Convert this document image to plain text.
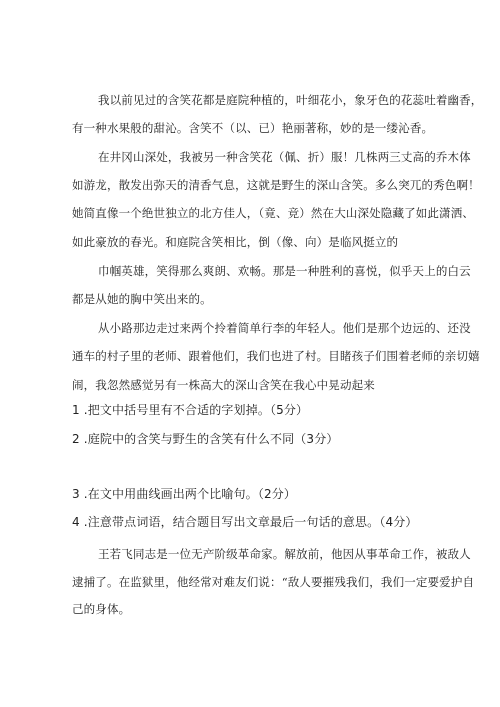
我以前见过的含笑花都是庭院种植的，叶细花小，象牙色的花蕊吐着幽香，
有一种水果般的甜沁。含笑不（以、已）艳丽著称，妙的是一缕沁香。
在井冈山深处，我被另一种含笑花（佩、折）服！几株两三丈高的乔木体
如游龙，散发出弥天的清香气息，这就是野生的深山含笑。多么突兀的秀色啊！
她简直像一个绝世独立的北方佳人，（竟、竞）然在大山深处隐藏了如此潇洒、
如此豪放的春光。和庭院含笑相比，倒（像、向）是临风挺立的
巾帼英雄，笑得那么爽朗、欢畅。那是一种胜利的喜悦，似乎天上的白云
都是从她的胸中笑出来的。
从小路那边走过来两个拎着简单行李的年轻人。他们是那个边远的、还没
通车的村子里的老师、跟着他们，我们也进了村。目睹孩子们围着老师的亲切嬉
闹，我忽然感觉另有一株高大的深山含笑在我心中晃动起来
1 .把文中括号里有不合适的字划掉。（5分）
2 .庭院中的含笑与野生的含笑有什么不同（3分）
3 .在文中用曲线画出两个比喻句。（2分）
4 .注意带点词语，结合题目写出文章最后一句话的意思。（4分）
王若飞同志是一位无产阶级革命家。解放前，他因从事革命工作，被敌人
逮捕了。在监狱里，他经常对难友们说：“敌人要摧残我们，我们一定要爱护自
己的身体。
